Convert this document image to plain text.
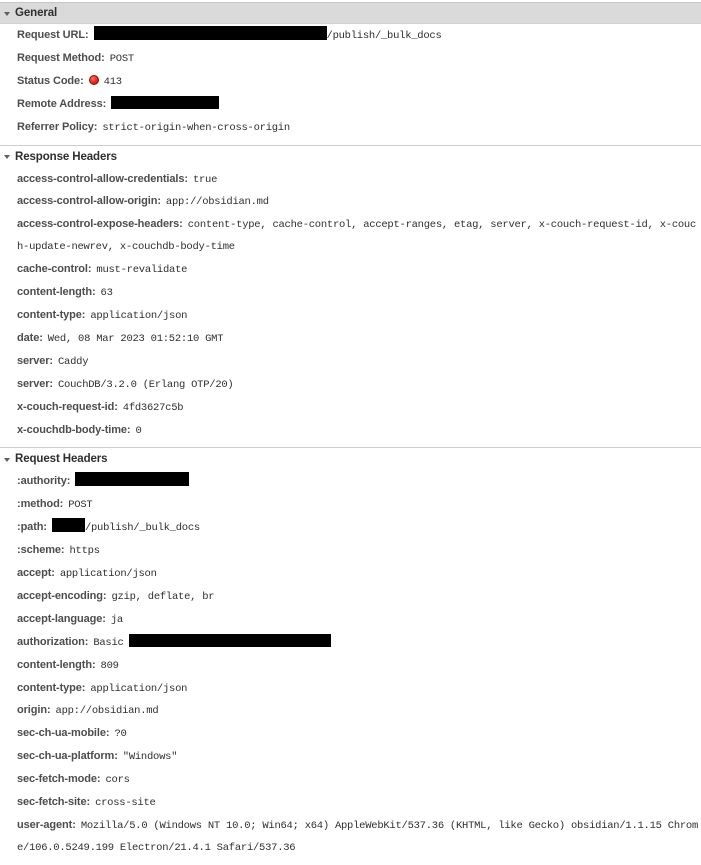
General
Request URL:	/publish/_bulk_docs
Request Method: POST
Status Code: 413
Remote Address:
Referrer Policy: strict-origin-when-cross-origin
Response Headers
access-control-allow-credentials: true
access-control-allow-origin: app://obsidian.md
access-control-expose-headers: content-type, cache-control, accept-ranges, etag, server, x-couch-request-id, x-couch-update-newrev, x-couchdb-body-time
cache-control: must-revalidate
content-length: 63
content-type: application/json
date: Wed, 08 Mar 2023 01:52:10 GMT
server: Caddy
server: CouchDB/3.2.0 (Erlang OTP/20)
x-couch-request-id: 4fd3627c5b
x-couchdb-body-time: 0
Request Headers
:authority:
:method: POST
:path:	/publish/_bulk_docs
:scheme: https
accept: application/json
accept-encoding: gzip, deflate, br
accept-language: ja
authorization: Basic
content-length: 809
content-type: application/json
origin: app://obsidian.md
sec-ch-ua-mobile: ?0
sec-ch-ua-platform: "Windows"
sec-fetch-mode: cors
sec-fetch-site: cross-site
user-agent: Mozilla/5.0 (Windows NT 10.0; Win64; x64) AppleWebKit/537.36 (KHTML, like Gecko) obsidian/1.1.15 Chrome/106.0.5249.199 Electron/21.4.1 Safari/537.36
